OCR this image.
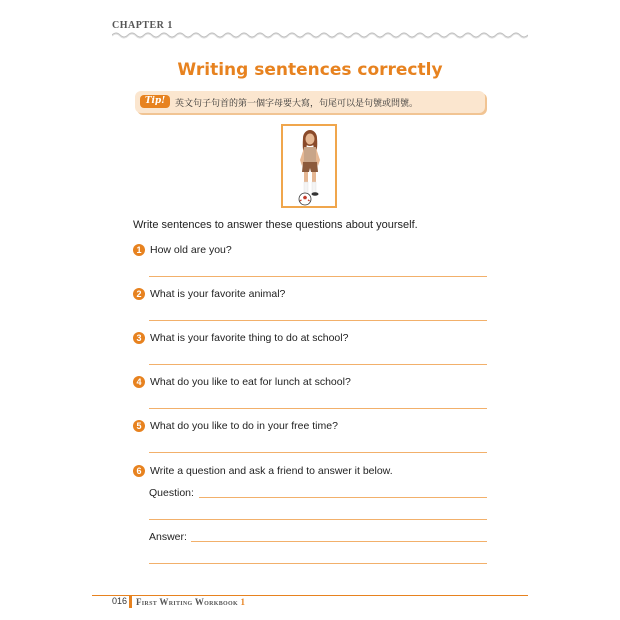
CHAPTER 1
Writing sentences correctly
Tip!	英文句子句首的第一個字母要大寫，句尾可以是句號或問號。
Write sentences to answer these questions about yourself.
1 How old are you?
2 What is your favorite animal?
3 What is your favorite thing to do at school?
4 What do you like to eat for lunch at school?
5 What do you like to do in your free time?
6 Write a question and ask a friend to answer it below.
Question:
Answer:
016 First Writing Workbook 1
